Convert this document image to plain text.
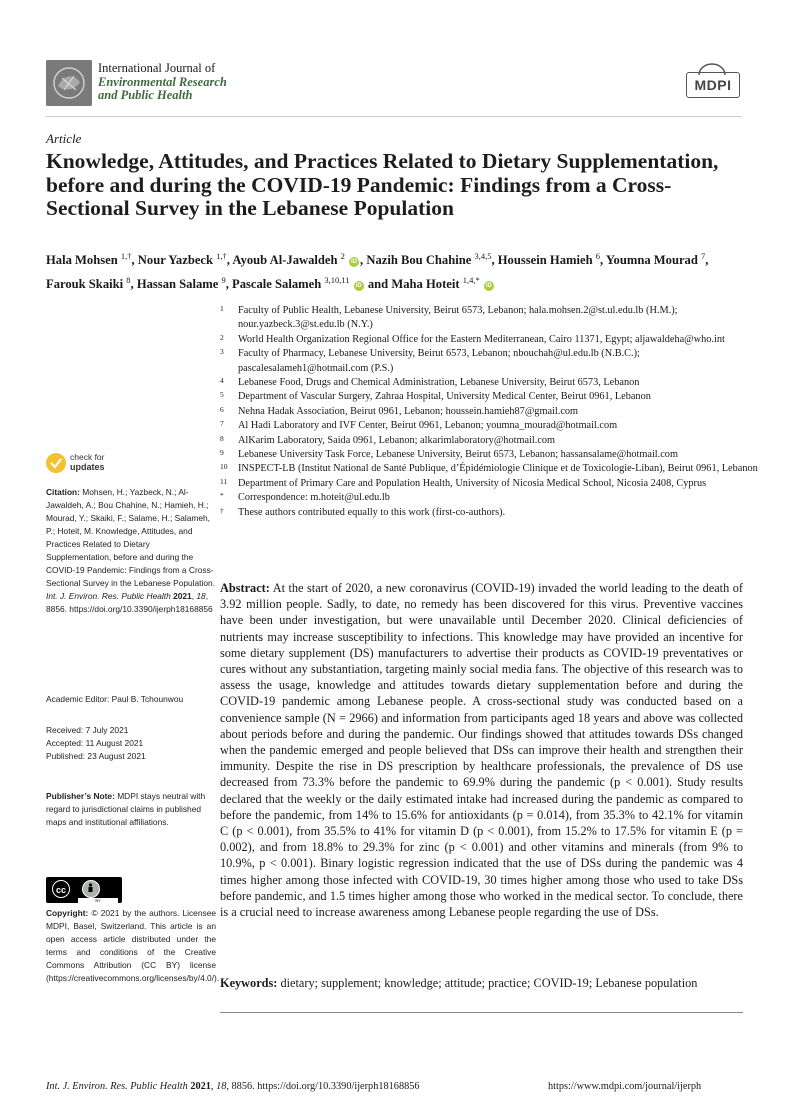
International Journal of
Environmental Research
and Public Health
MDPI
Article
Knowledge, Attitudes, and Practices Related to Dietary Supplementation, before and during the COVID-19 Pandemic: Findings from a Cross-Sectional Survey in the Lebanese Population
Hala Mohsen $^{1,\dagger}$, Nour Yazbeck $^{1,\dagger}$, Ayoub Al-Jawaldeh $^2$ iD , Nazih Bou Chahine $^{3,4,5}$, Houssein Hamieh $^6$, Youmna Mourad $^7$, Farouk Skaiki $^8$, Hassan Salame $^9$, Pascale Salameh $^{3,10,11}$ iD and Maha Hoteit $^{1,4,*}$ iD
1 Faculty of Public Health, Lebanese University, Beirut 6573, Lebanon; hala.mohsen.2@st.ul.edu.lb (H.M.); nour.yazbeck.3@st.edu.lb (N.Y.)
2 World Health Organization Regional Office for the Eastern Mediterranean, Cairo 11371, Egypt; aljawaldeha@who.int
3 Faculty of Pharmacy, Lebanese University, Beirut 6573, Lebanon; nbouchah@ul.edu.lb (N.B.C.); pascalesalameh1@hotmail.com (P.S.)
4 Lebanese Food, Drugs and Chemical Administration, Lebanese University, Beirut 6573, Lebanon
5 Department of Vascular Surgery, Zahraa Hospital, University Medical Center, Beirut 0961, Lebanon
6 Nehna Hadak Association, Beirut 0961, Lebanon; houssein.hamieh87@gmail.com
7 Al Hadi Laboratory and IVF Center, Beirut 0961, Lebanon; youmna_mourad@hotmail.com
8 AlKarim Laboratory, Saida 0961, Lebanon; alkarimlaboratory@hotmail.com
9 Lebanese University Task Force, Lebanese University, Beirut 6573, Lebanon; hassansalame@hotmail.com
10 INSPECT-LB (Institut National de Santé Publique, d’Épidémiologie Clinique et de Toxicologie-Liban), Beirut 0961, Lebanon
11 Department of Primary Care and Population Health, University of Nicosia Medical School, Nicosia 2408, Cyprus
* Correspondence: m.hoteit@ul.edu.lb
† These authors contributed equally to this work (first-co-authors).
check for
updates
Citation: Mohsen, H.; Yazbeck, N.; Al-Jawaldeh, A.; Bou Chahine, N.; Hamieh, H.; Mourad, Y.; Skaiki, F.; Salame, H.; Salameh, P.; Hoteit, M. Knowledge, Attitudes, and Practices Related to Dietary Supplementation, before and during the COVID-19 Pandemic: Findings from a Cross-Sectional Survey in the Lebanese Population. Int. J. Environ. Res. Public Health 2021, 18, 8856. https://doi.org/10.3390/ijerph18168856
Academic Editor: Paul B. Tchounwou
Received: 7 July 2021
Accepted: 11 August 2021
Published: 23 August 2021
Publisher’s Note: MDPI stays neutral with regard to jurisdictional claims in published maps and institutional affiliations.
cc
BY
Copyright: © 2021 by the authors. Licensee MDPI, Basel, Switzerland. This article is an open access article distributed under the terms and conditions of the Creative Commons Attribution (CC BY) license (https://creativecommons.org/licenses/by/4.0/).
Abstract: At the start of 2020, a new coronavirus (COVID-19) invaded the world leading to the death of 3.92 million people. Sadly, to date, no remedy has been discovered for this virus. Preventive vaccines have been under investigation, but were unavailable until December 2020. Clinical deficiencies of nutrients may increase susceptibility to infections. This knowledge may have provided an incentive for some dietary supplement (DS) manufacturers to advertise their products as COVID-19 preventatives or cures without any substantiation, targeting mainly social media fans. The objective of this research was to assess the usage, knowledge and attitudes towards dietary supplementation before and during the COVID-19 pandemic among Lebanese people. A cross-sectional study was conducted based on a convenience sample (N = 2966) and information from participants aged 18 years and above was collected about periods before and during the pandemic. Our findings showed that attitudes towards DSs changed when the pandemic emerged and people believed that DSs can improve their health and strengthen their immunity. Despite the rise in DS prescription by healthcare professionals, the prevalence of DS use decreased from 73.3% before the pandemic to 69.9% during the pandemic (p < 0.001). Study results declared that the weekly or the daily estimated intake had increased during the pandemic as compared to before the pandemic, from 14% to 15.6% for antioxidants (p = 0.014), from 35.3% to 42.1% for vitamin C (p < 0.001), from 35.5% to 41% for vitamin D (p < 0.001), from 15.2% to 17.5% for vitamin E (p = 0.002), and from 18.8% to 29.3% for zinc (p < 0.001) and other vitamins and minerals (from 9% to 10.9%, p < 0.001). Binary logistic regression indicated that the use of DSs during the pandemic was 4 times higher among those infected with COVID-19, 30 times higher among those who used to take DSs before pandemic, and 1.5 times higher among those who worked in the medical sector. To conclude, there is a crucial need to increase awareness among Lebanese people regarding the use of DSs.
Keywords: dietary; supplement; knowledge; attitude; practice; COVID-19; Lebanese population
Int. J. Environ. Res. Public Health 2021, 18, 8856. https://doi.org/10.3390/ijerph18168856	https://www.mdpi.com/journal/ijerph
